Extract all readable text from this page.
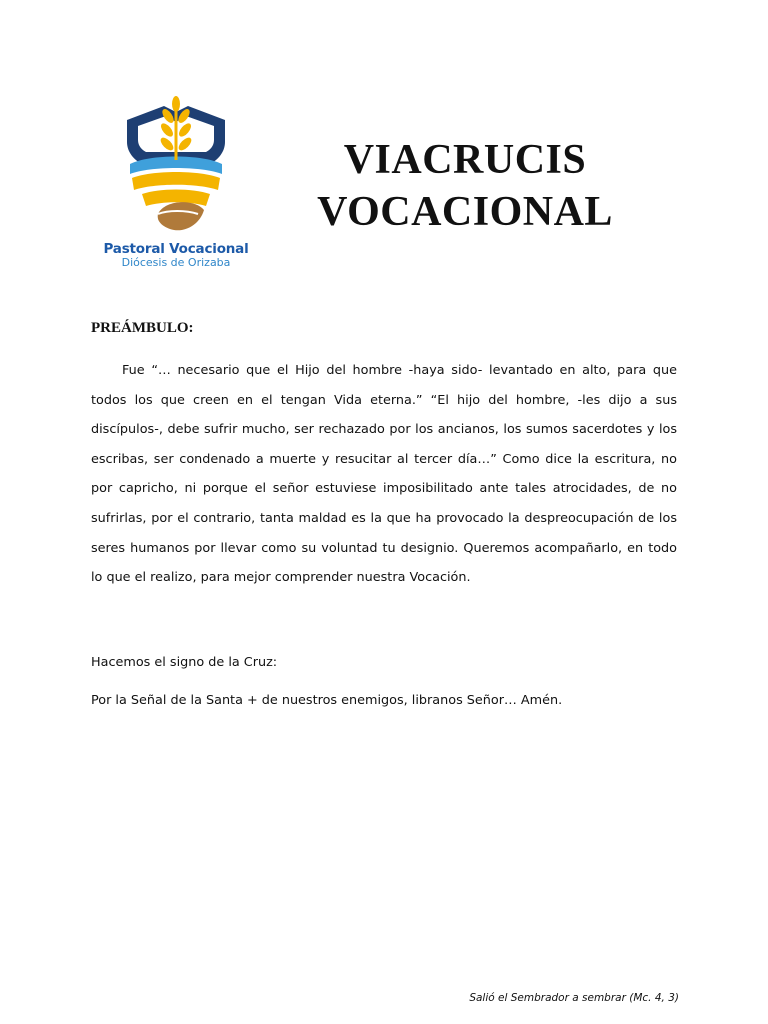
Pastoral Vocacional
Diócesis de Orizaba
VIACRUCIS
VOCACIONAL
PREÁMBULO:

Fue “… necesario que el Hijo del hombre -haya sido- levantado en alto, para que todos los que creen en el tengan Vida eterna.” “El hijo del hombre, -les dijo a sus discípulos-, debe sufrir mucho, ser rechazado por los ancianos, los sumos sacerdotes y los escribas, ser condenado a muerte y resucitar al tercer día…” Como dice la escritura, no por capricho, ni porque el señor estuviese imposibilitado ante tales atrocidades, de no sufrirlas, por el contrario, tanta maldad es la que ha provocado la despreocupación de los seres humanos por llevar como su voluntad tu designio. Queremos acompañarlo, en todo lo que el realizo, para mejor comprender nuestra Vocación.

Hacemos el signo de la Cruz:
Por la Señal de la Santa + de nuestros enemigos, libranos Señor… Amén.
Salió el Sembrador a sembrar (Mc. 4, 3)
